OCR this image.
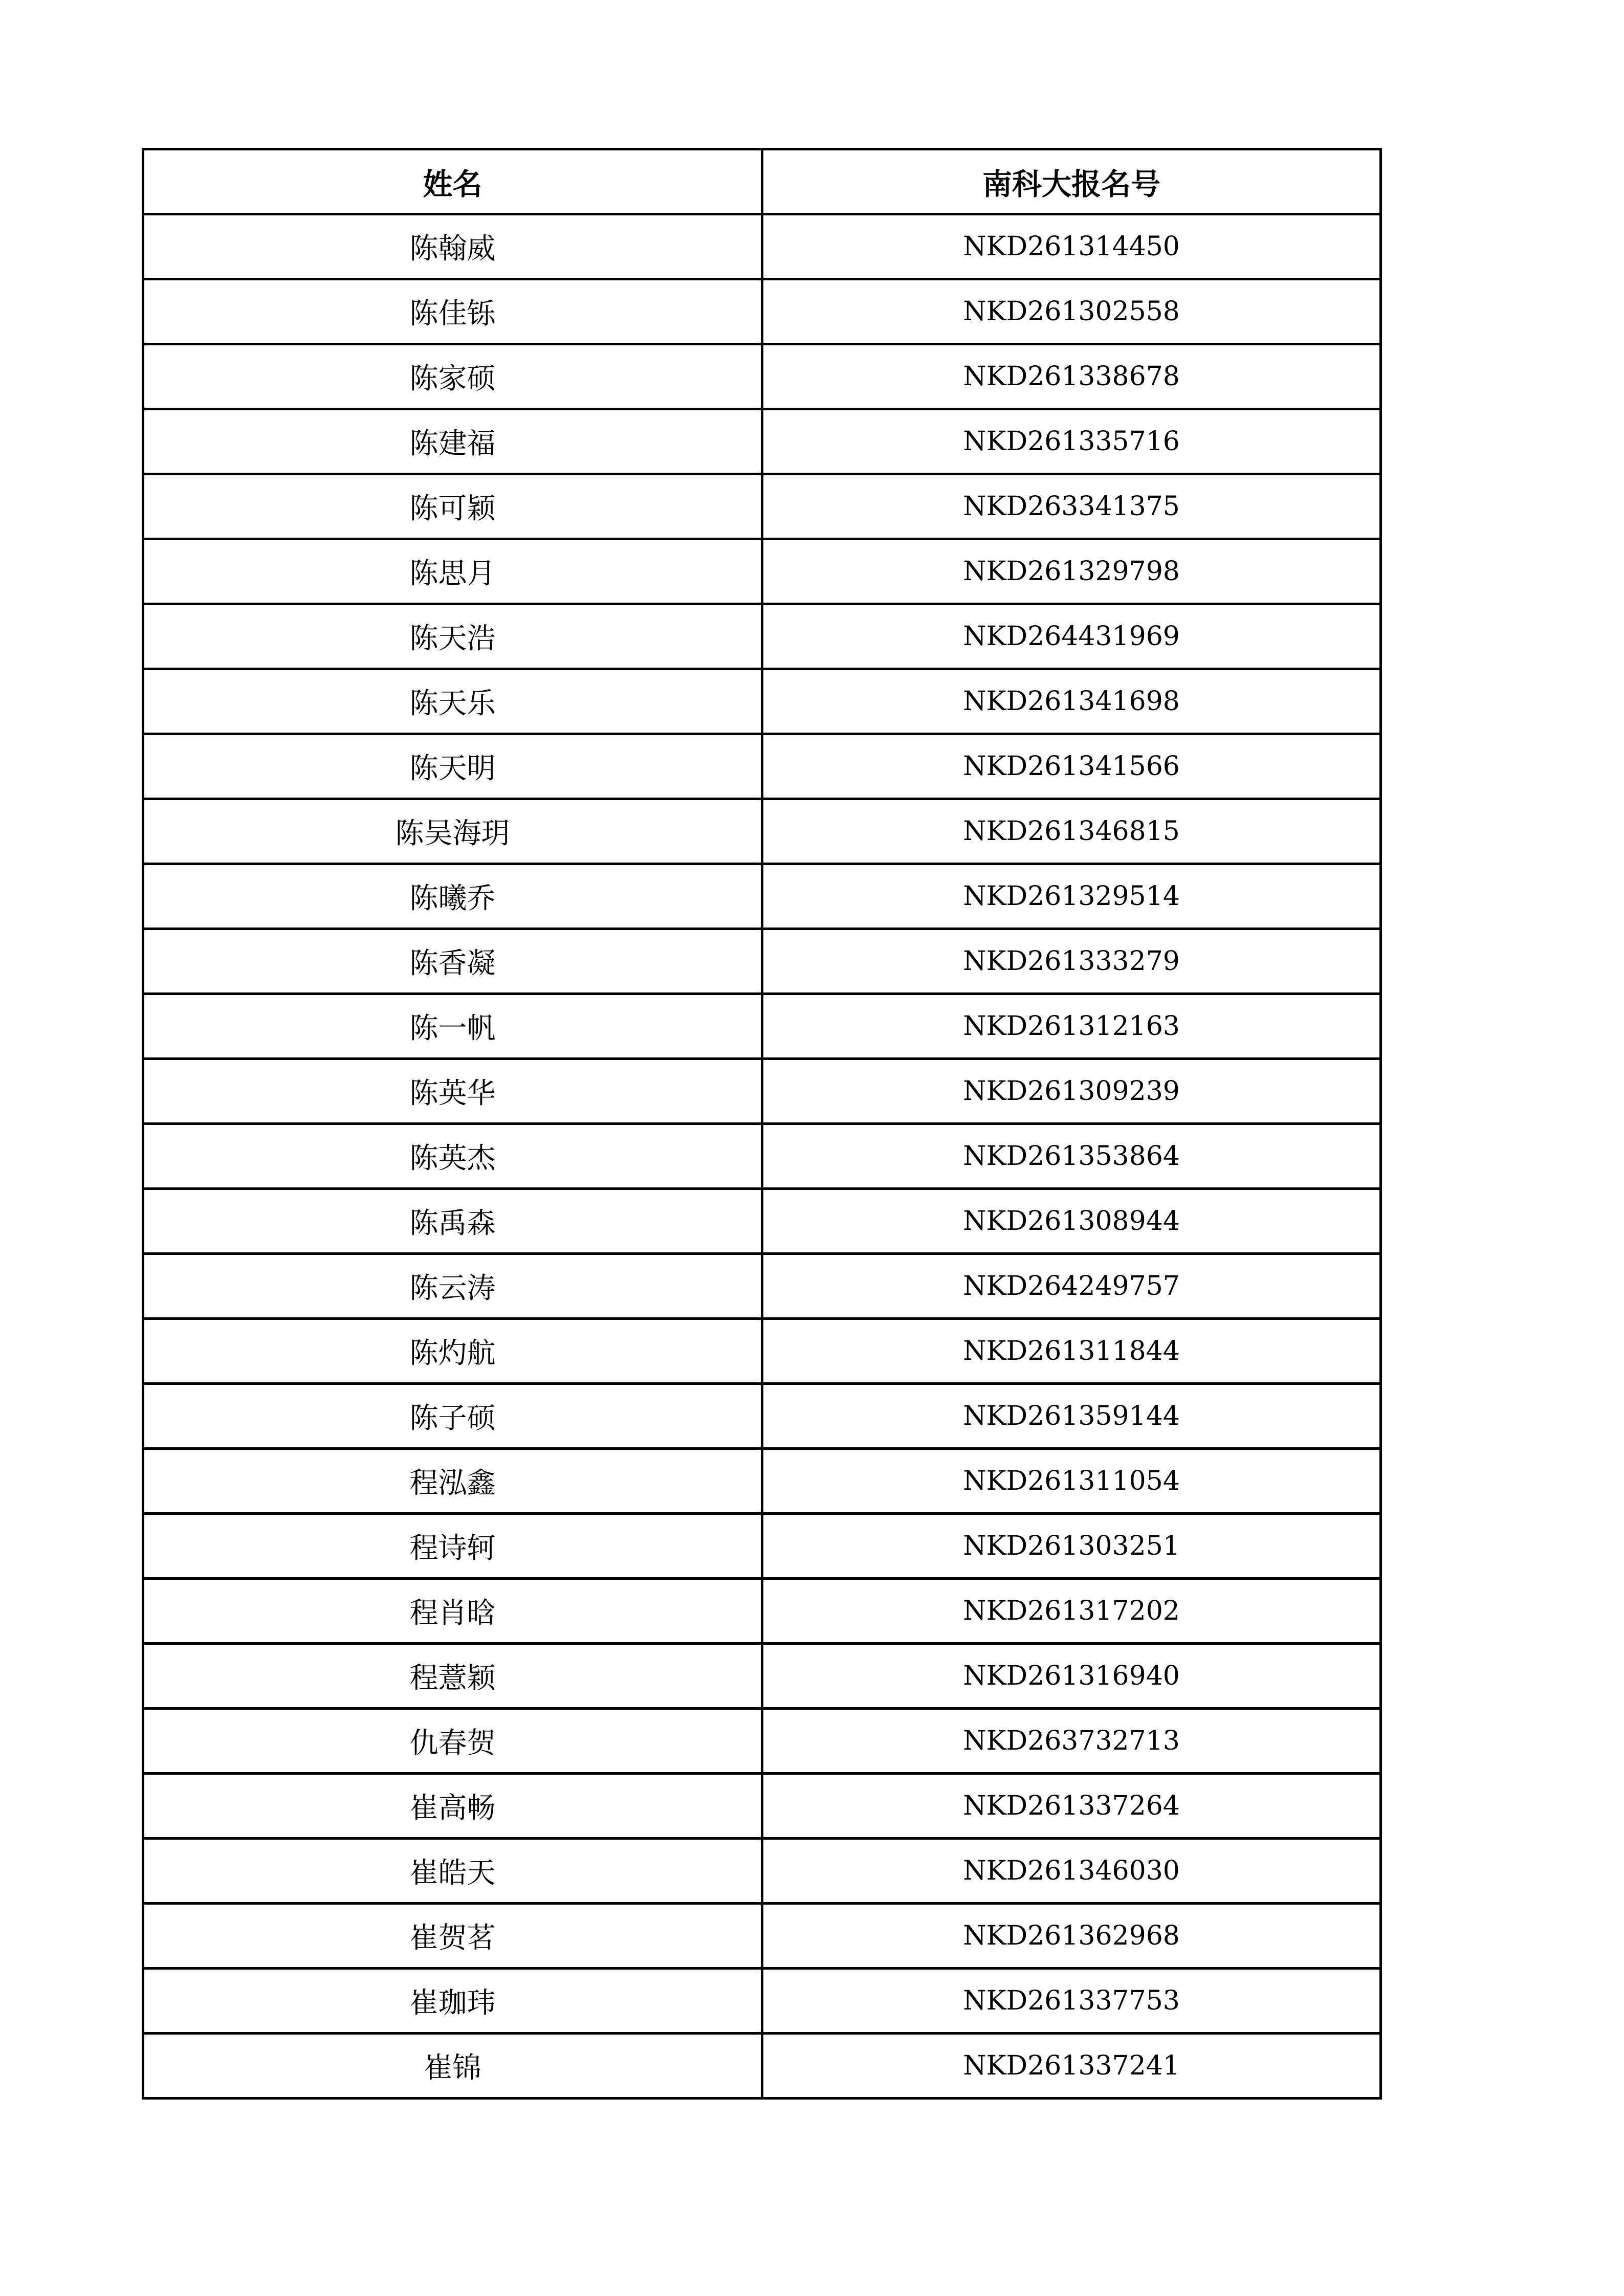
姓名	南科大报名号
陈翰威	NKD261314450
陈佳铄	NKD261302558
陈家硕	NKD261338678
陈建福	NKD261335716
陈可颖	NKD263341375
陈思月	NKD261329798
陈天浩	NKD264431969
陈天乐	NKD261341698
陈天明	NKD261341566
陈吴海玥	NKD261346815
陈曦乔	NKD261329514
陈香凝	NKD261333279
陈一帆	NKD261312163
陈英华	NKD261309239
陈英杰	NKD261353864
陈禹森	NKD261308944
陈云涛	NKD264249757
陈灼航	NKD261311844
陈子硕	NKD261359144
程泓鑫	NKD261311054
程诗轲	NKD261303251
程肖晗	NKD261317202
程薏颖	NKD261316940
仇春贺	NKD263732713
崔高畅	NKD261337264
崔皓天	NKD261346030
崔贺茗	NKD261362968
崔珈玮	NKD261337753
崔锦	NKD261337241
